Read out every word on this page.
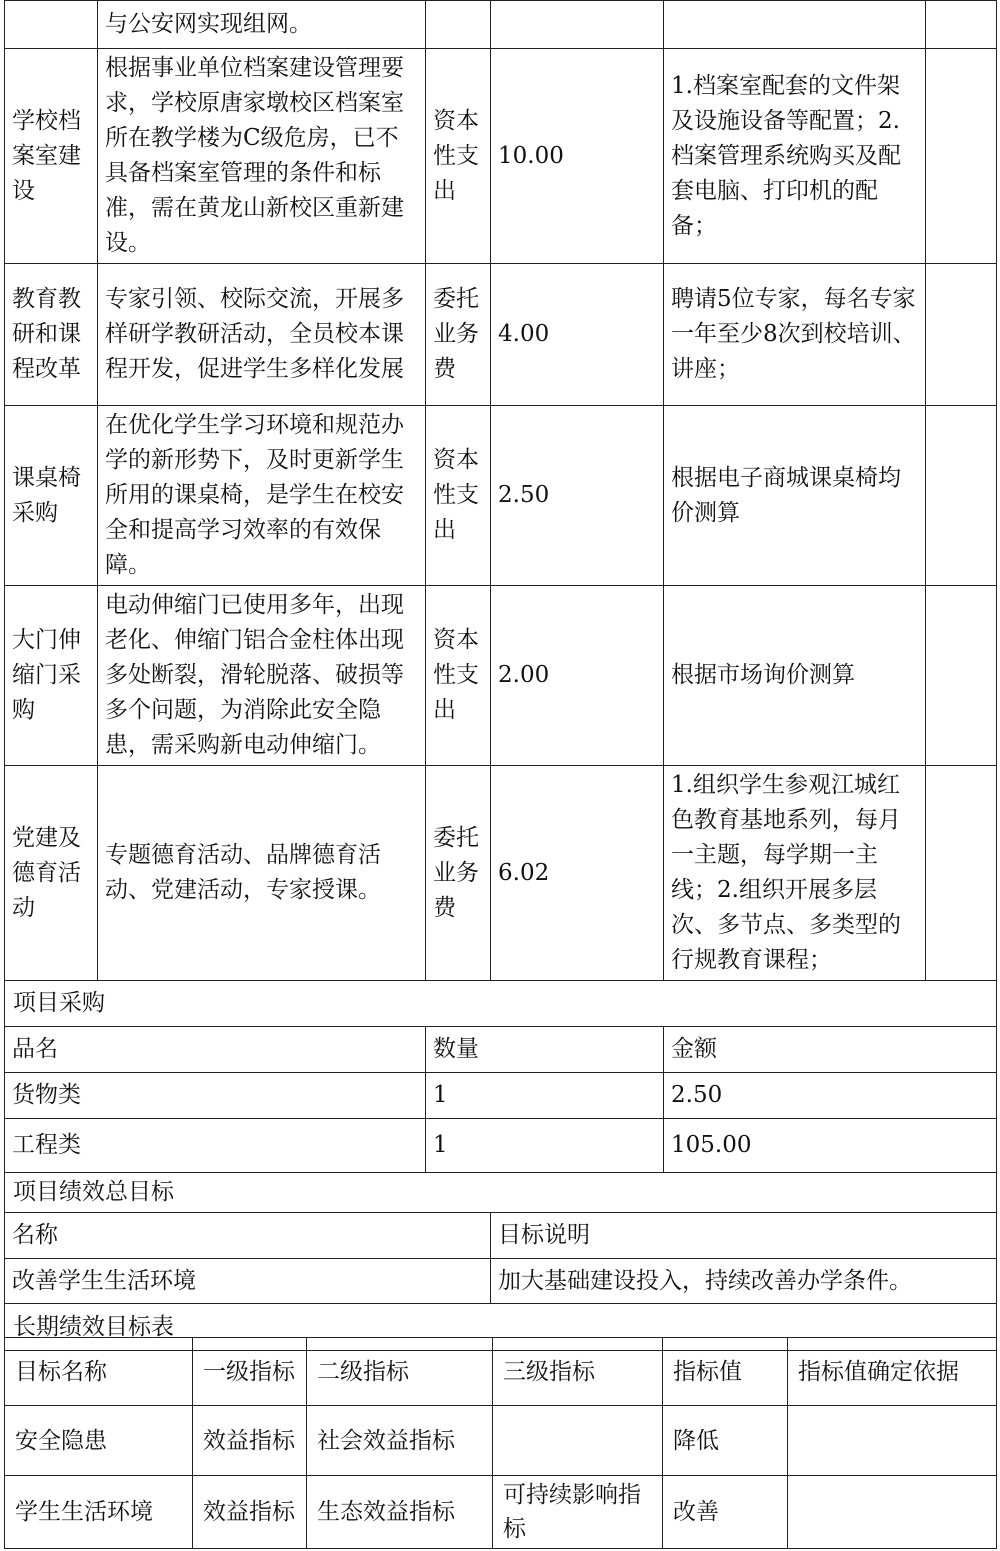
	与公安网实现组网。				
学校档案室建设	根据事业单位档案建设管理要求，学校原唐家墩校区档案室所在教学楼为C级危房，已不具备档案室管理的条件和标准，需在黄龙山新校区重新建设。	资本性支出	10.00	1.档案室配套的文件架及设施设备等配置；2.档案管理系统购买及配套电脑、打印机的配备；	
教育教研和课程改革	专家引领、校际交流，开展多样研学教研活动，全员校本课程开发，促进学生多样化发展	委托业务费	4.00	聘请5位专家，每名专家一年至少8次到校培训、讲座；	
课桌椅采购	在优化学生学习环境和规范办学的新形势下，及时更新学生所用的课桌椅，是学生在校安全和提高学习效率的有效保障。	资本性支出	2.50	根据电子商城课桌椅均价测算	
大门伸缩门采购	电动伸缩门已使用多年，出现老化、伸缩门铝合金柱体出现多处断裂，滑轮脱落、破损等多个问题，为消除此安全隐患，需采购新电动伸缩门。	资本性支出	2.00	根据市场询价测算	
党建及德育活动	专题德育活动、品牌德育活动、党建活动，专家授课。	委托业务费	6.02	1.组织学生参观江城红色教育基地系列，每月一主题，每学期一主线；2.组织开展多层次、多节点、多类型的行规教育课程；	
项目采购					
品名		数量		金额	
货物类		1		2.50	
工程类		1		105.00	
项目绩效总目标					
名称			目标说明		
改善学生生活环境			加大基础建设投入，持续改善办学条件。		
长期绩效目标表					
目标名称	一级指标	二级指标	三级指标	指标值	指标值确定依据
安全隐患	效益指标	社会效益指标		降低	
学生生活环境	效益指标	生态效益指标	可持续影响指标	改善	
